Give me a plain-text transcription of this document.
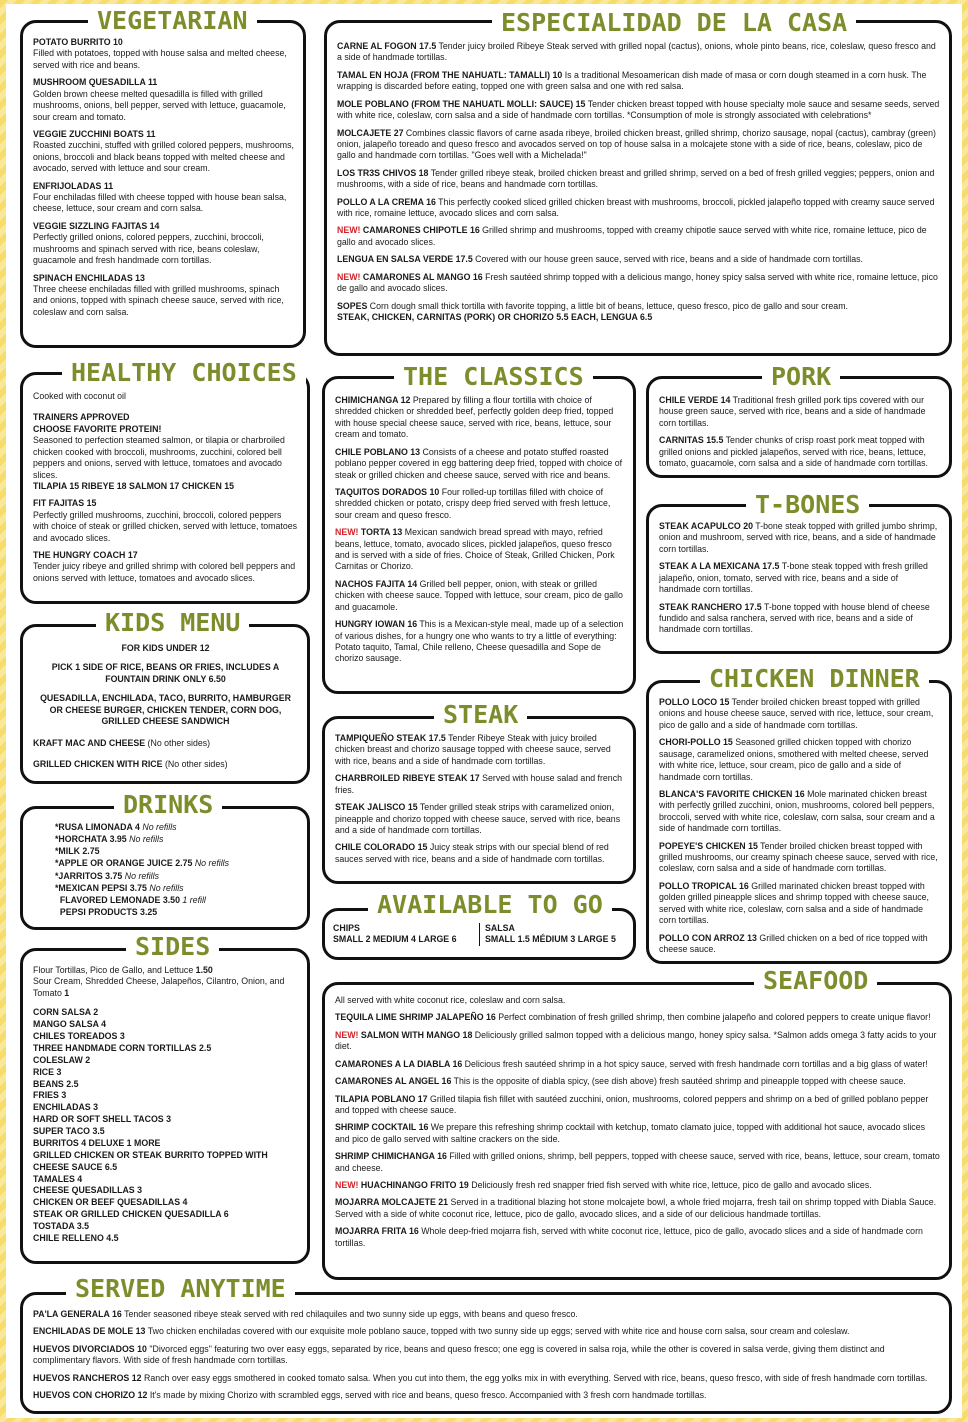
POTATO BURRITO 10
Filled with potatoes, topped with house salsa and melted cheese, served with rice and beans.
MUSHROOM QUESADILLA 11
Golden brown cheese melted quesadilla is filled with grilled mushrooms, onions, bell pepper, served with lettuce, guacamole, sour cream and tomato.
VEGGIE ZUCCHINI BOATS 11
Roasted zucchini, stuffed with grilled colored peppers, mushrooms, onions, broccoli and black beans topped with melted cheese and avocado, served with lettuce and sour cream.
ENFRIJOLADAS 11
Four enchiladas filled with cheese topped with house bean salsa, cheese, lettuce, sour cream and corn salsa.
VEGGIE SIZZLING FAJITAS 14
Perfectly grilled onions, colored peppers, zucchini, broccoli, mushrooms and spinach served with rice, beans coleslaw, guacamole and fresh handmade corn tortillas.
SPINACH ENCHILADAS 13
Three cheese enchiladas filled with grilled mushrooms, spinach and onions, topped with spinach cheese sauce, served with rice, coleslaw and corn salsa.
VEGETARIAN
CARNE AL FOGON 17.5 Tender juicy broiled Ribeye Steak served with grilled nopal (cactus), onions, whole pinto beans, rice, coleslaw, queso fresco and a side of handmade tortillas.
TAMAL EN HOJA (FROM THE NAHUATL: TAMALLI) 10 Is a traditional Mesoamerican dish made of masa or corn dough steamed in a corn husk. The wrapping is discarded before eating, topped one with green salsa and one with red salsa.
MOLE POBLANO (FROM THE NAHUATL MOLLI: SAUCE) 15 Tender chicken breast topped with house specialty mole sauce and sesame seeds, served with white rice, coleslaw, corn salsa and a side of handmade corn tortillas. *Consumption of mole is strongly associated with celebrations*
MOLCAJETE 27 Combines classic flavors of carne asada ribeye, broiled chicken breast, grilled shrimp, chorizo sausage, nopal (cactus), cambray (green) onion, jalapeño toreado and queso fresco and avocados served on top of house salsa in a molcajete stone with a side of rice, beans, coleslaw, pico de gallo and handmade corn tortillas. "Goes well with a Michelada!"
LOS TR3S CHIVOS 18 Tender grilled ribeye steak, broiled chicken breast and grilled shrimp, served on a bed of fresh grilled veggies; peppers, onion and mushrooms, with a side of rice, beans and handmade corn tortillas.
POLLO A LA CREMA 16 This perfectly cooked sliced grilled chicken breast with mushrooms, broccoli, pickled jalapeño topped with creamy sauce served with rice, romaine lettuce, avocado slices and corn salsa.
NEW! CAMARONES CHIPOTLE 16 Grilled shrimp and mushrooms, topped with creamy chipotle sauce served with white rice, romaine lettuce, pico de gallo and avocado slices.
LENGUA EN SALSA VERDE 17.5 Covered with our house green sauce, served with rice, beans and a side of handmade corn tortillas.
NEW! CAMARONES AL MANGO 16 Fresh sautéed shrimp topped with a delicious mango, honey spicy salsa served with white rice, romaine lettuce, pico de gallo and avocado slices.
SOPES Corn dough small thick tortilla with favorite topping, a little bit of beans, lettuce, queso fresco, pico de gallo and sour cream.
STEAK, CHICKEN, CARNITAS (PORK) OR CHORIZO 5.5 EACH, LENGUA 6.5
ESPECIALIDAD DE LA CASA
Cooked with coconut oil
TRAINERS APPROVED
CHOOSE FAVORITE PROTEIN!
Seasoned to perfection steamed salmon, or tilapia or charbroiled chicken cooked with broccoli, mushrooms, zucchini, colored bell peppers and onions, served with lettuce, tomatoes and avocado slices.
TILAPIA 15 RIBEYE 18 SALMON 17 CHICKEN 15
FIT FAJITAS 15
Perfectly grilled mushrooms, zucchini, broccoli, colored peppers with choice of steak or grilled chicken, served with lettuce, tomatoes and avocado slices.
THE HUNGRY COACH 17
Tender juicy ribeye and grilled shrimp with colored bell peppers and onions served with lettuce, tomatoes and avocado slices.
HEALTHY CHOICES
CHIMICHANGA 12 Prepared by filling a flour tortilla with choice of shredded chicken or shredded beef, perfectly golden deep fried, topped with house special cheese sauce, served with rice, beans, lettuce, sour cream and tomato.
CHILE POBLANO 13 Consists of a cheese and potato stuffed roasted poblano pepper covered in egg battering deep fried, topped with choice of steak or grilled chicken and cheese sauce, served with rice and beans.
TAQUITOS DORADOS 10 Four rolled-up tortillas filled with choice of shredded chicken or potato, crispy deep fried served with fresh lettuce, sour cream and queso fresco.
NEW! TORTA 13 Mexican sandwich bread spread with mayo, refried beans, lettuce, tomato, avocado slices, pickled jalapeños, queso fresco and is served with a side of fries. Choice of Steak, Grilled Chicken, Pork Carnitas or Chorizo.
NACHOS FAJITA 14 Grilled bell pepper, onion, with steak or grilled chicken with cheese sauce. Topped with lettuce, sour cream, pico de gallo and guacamole.
HUNGRY IOWAN 16 This is a Mexican-style meal, made up of a selection of various dishes, for a hungry one who wants to try a little of everything: Potato taquito, Tamal, Chile relleno, Cheese quesadilla and Sope de chorizo sausage.
THE CLASSICS
CHILE VERDE 14 Traditional fresh grilled pork tips covered with our house green sauce, served with rice, beans and a side of handmade corn tortillas.
CARNITAS 15.5 Tender chunks of crisp roast pork meat topped with grilled onions and pickled jalapeños, served with rice, beans, lettuce, tomato, guacamole, corn salsa and a side of handmade corn tortillas.
PORK
STEAK ACAPULCO 20 T-bone steak topped with grilled jumbo shrimp, onion and mushroom, served with rice, beans, and a side of handmade corn tortillas.
STEAK A LA MEXICANA 17.5 T-bone steak topped with fresh grilled jalapeño, onion, tomato, served with rice, beans and a side of handmade corn tortillas.
STEAK RANCHERO 17.5 T-bone topped with house blend of cheese fundido and salsa ranchera, served with rice, beans and a side of handmade corn tortillas.
T-BONES
FOR KIDS UNDER 12
PICK 1 SIDE OF RICE, BEANS OR FRIES, INCLUDES A FOUNTAIN DRINK ONLY 6.50
QUESADILLA, ENCHILADA, TACO, BURRITO, HAMBURGER OR CHEESE BURGER, CHICKEN TENDER, CORN DOG, GRILLED CHEESE SANDWICH
KRAFT MAC AND CHEESE (No other sides)
GRILLED CHICKEN WITH RICE (No other sides)
KIDS MENU
*RUSA LIMONADA 4 No refills
*HORCHATA 3.95 No refills
*MILK 2.75
*APPLE OR ORANGE JUICE 2.75 No refills
*JARRITOS 3.75 No refills
*MEXICAN PEPSI 3.75 No refills
FLAVORED LEMONADE 3.50 1 refill
PEPSI PRODUCTS 3.25
DRINKS
TAMPIQUEÑO STEAK 17.5 Tender Ribeye Steak with juicy broiled chicken breast and chorizo sausage topped with cheese sauce, served with rice, beans and a side of handmade corn tortillas.
CHARBROILED RIBEYE STEAK 17 Served with house salad and french fries.
STEAK JALISCO 15 Tender grilled steak strips with caramelized onion, pineapple and chorizo topped with cheese sauce, served with rice, beans and a side of handmade corn tortillas.
CHILE COLORADO 15 Juicy steak strips with our special blend of red sauces served with rice, beans and a side of handmade corn tortillas.
STEAK	POLLO LOCO 15 Tender broiled chicken breast topped with grilled onions and house cheese sauce, served with rice, lettuce, sour cream, pico de gallo and a side of handmade corn tortillas.
CHORI-POLLO 15 Seasoned grilled chicken topped with chorizo sausage, caramelized onions, smothered with melted cheese, served with white rice, lettuce, sour cream, pico de gallo and a side of handmade corn tortillas.
BLANCA'S FAVORITE CHICKEN 16 Mole marinated chicken breast with perfectly grilled zucchini, onion, mushrooms, colored bell peppers, broccoli, served with white rice, coleslaw, corn salsa, sour cream and a side of handmade corn tortillas.
POPEYE'S CHICKEN 15 Tender broiled chicken breast topped with grilled mushrooms, our creamy spinach cheese sauce, served with rice, coleslaw, corn salsa and a side of handmade corn tortillas.
POLLO TROPICAL 16 Grilled marinated chicken breast topped with golden grilled pineapple slices and shrimp topped with cheese sauce, served with white rice, coleslaw, corn salsa and a side of handmade corn tortillas.
POLLO CON ARROZ 13 Grilled chicken on a bed of rice topped with cheese sauce.
CHICKEN DINNER
CHIPS
SMALL 2 MEDIUM 4 LARGE 6
SALSA
SMALL 1.5 MÉDIUM 3 LARGE 5
AVAILABLE TO GO
Flour Tortillas, Pico de Gallo, and Lettuce 1.50
Sour Cream, Shredded Cheese, Jalapeños, Cilantro, Onion, and Tomato 1
CORN SALSA 2
MANGO SALSA 4
CHILES TOREADOS 3
THREE HANDMADE CORN TORTILLAS 2.5
COLESLAW 2
RICE 3
BEANS 2.5
FRIES 3
ENCHILADAS 3
HARD OR SOFT SHELL TACOS 3
SUPER TACO 3.5
BURRITOS 4 DELUXE 1 MORE
GRILLED CHICKEN OR STEAK BURRITO TOPPED WITH CHEESE SAUCE 6.5
TAMALES 4
CHEESE QUESADILLAS 3
CHICKEN OR BEEF QUESADILLAS 4
STEAK OR GRILLED CHICKEN QUESADILLA 6
TOSTADA 3.5
CHILE RELLENO 4.5
SIDES
All served with white coconut rice, coleslaw and corn salsa.
TEQUILA LIME SHRIMP JALAPEÑO 16 Perfect combination of fresh grilled shrimp, then combine jalapeño and colored peppers to create unique flavor!
NEW! SALMON WITH MANGO 18 Deliciously grilled salmon topped with a delicious mango, honey spicy salsa. *Salmon adds omega 3 fatty acids to your diet.
CAMARONES A LA DIABLA 16 Delicious fresh sautéed shrimp in a hot spicy sauce, served with fresh handmade corn tortillas and a big glass of water!
CAMARONES AL ANGEL 16 This is the opposite of diabla spicy, (see dish above) fresh sautéed shrimp and pineapple topped with cheese sauce.
TILAPIA POBLANO 17 Grilled tilapia fish fillet with sautéed zucchini, onion, mushrooms, colored peppers and shrimp on a bed of grilled poblano pepper and topped with cheese sauce.
SHRIMP COCKTAIL 16 We prepare this refreshing shrimp cocktail with ketchup, tomato clamato juice, topped with additional hot sauce, avocado slices and pico de gallo served with saltine crackers on the side.
SHRIMP CHIMICHANGA 16 Filled with grilled onions, shrimp, bell peppers, topped with cheese sauce, served with rice, beans, lettuce, sour cream, tomato and cheese.
NEW! HUACHINANGO FRITO 19 Deliciously fresh red snapper fried fish served with white rice, lettuce, pico de gallo and avocado slices.
MOJARRA MOLCAJETE 21 Served in a traditional blazing hot stone molcajete bowl, a whole fried mojarra, fresh tail on shrimp topped with Diabla Sauce. Served with a side of white coconut rice, lettuce, pico de gallo, avocado slices, and a side of our delicious handmade tortillas.
MOJARRA FRITA 16 Whole deep-fried mojarra fish, served with white coconut rice, lettuce, pico de gallo, avocado slices and a side of handmade corn tortillas.
SEAFOOD
PA'LA GENERALA 16 Tender seasoned ribeye steak served with red chilaquiles and two sunny side up eggs, with beans and queso fresco.
ENCHILADAS DE MOLE 13 Two chicken enchiladas covered with our exquisite mole poblano sauce, topped with two sunny side up eggs; served with white rice and house corn salsa, sour cream and coleslaw.
HUEVOS DIVORCIADOS 10 "Divorced eggs" featuring two over easy eggs, separated by rice, beans and queso fresco; one egg is covered in salsa roja, while the other is covered in salsa verde, giving them distinct and complimentary flavors. With side of fresh handmade corn tortillas.
HUEVOS RANCHEROS 12 Ranch over easy eggs smothered in cooked tomato salsa. When you cut into them, the egg yolks mix in with everything. Served with rice, beans, queso fresco, with side of fresh handmade corn tortillas.
HUEVOS CON CHORIZO 12 It's made by mixing Chorizo with scrambled eggs, served with rice and beans, queso fresco. Accompanied with 3 fresh corn handmade tortillas.
SERVED ANYTIME
